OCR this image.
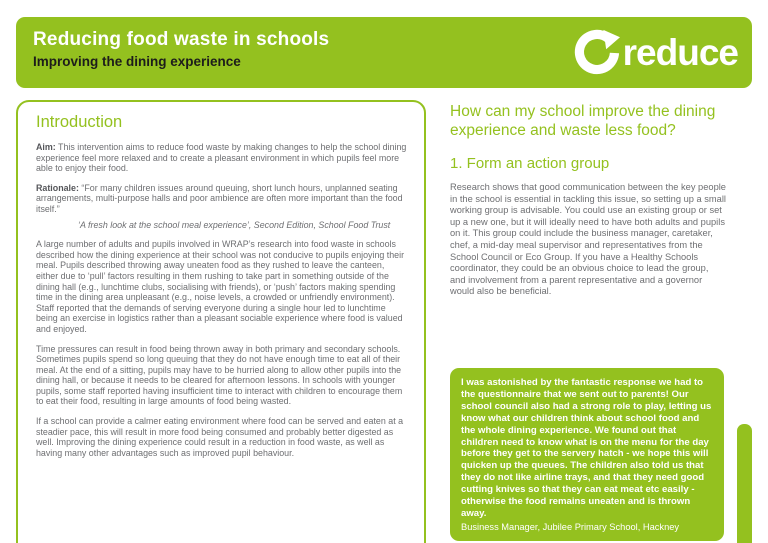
Reducing food waste in schools
Improving the dining experience	reduce
Introduction

Aim: This intervention aims to reduce food waste by making changes to help the school dining experience feel more relaxed and to create a pleasant environment in which pupils feel more able to enjoy their food.

Rationale: “For many children issues around queuing, short lunch hours, unplanned seating arrangements, multi-purpose halls and poor ambience are often more important than the food itself.”

‘A fresh look at the school meal experience’, Second Edition, School Food Trust

A large number of adults and pupils involved in WRAP’s research into food waste in schools described how the dining experience at their school was not conducive to pupils enjoying their meal. Pupils described throwing away uneaten food as they rushed to leave the canteen, either due to ‘pull’ factors resulting in them rushing to take part in something outside of the dining hall (e.g., lunchtime clubs, socialising with friends), or ‘push’ factors making spending time in the dining area unpleasant (e.g., noise levels, a crowded or unfriendly environment). Staff reported that the demands of serving everyone during a single hour led to lunchtime being an exercise in logistics rather than a pleasant sociable experience where food is valued and enjoyed.

Time pressures can result in food being thrown away in both primary and secondary schools. Sometimes pupils spend so long queuing that they do not have enough time to eat all of their meal. At the end of a sitting, pupils may have to be hurried along to allow other pupils into the dining hall, or because it needs to be cleared for afternoon lessons. In schools with younger pupils, some staff reported having insufficient time to interact with children to encourage them to eat their food, resulting in large amounts of food being wasted.

If a school can provide a calmer eating environment where food can be served and eaten at a steadier pace, this will result in more food being consumed and probably better digested as well. Improving the dining experience could result in a reduction in food waste, as well as having many other advantages such as improved pupil behaviour.

How can my school improve the dining experience and waste less food?
1. Form an action group

Research shows that good communication between the key people in the school is essential in tackling this issue, so setting up a small working group is advisable. You could use an existing group or set up a new one, but it will ideally need to have both adults and pupils on it. This group could include the business manager, caretaker, chef, a mid-day meal supervisor and representatives from the School Council or Eco Group. If you have a Healthy Schools coordinator, they could be an obvious choice to lead the group, and involvement from a parent representative and a governor would also be beneficial.

I was astonished by the fantastic response we had to the questionnaire that we sent out to parents! Our school council also had a strong role to play, letting us know what our children think about school food and the whole dining experience. We found out that children need to know what is on the menu for the day before they get to the servery hatch - we hope this will quicken up the queues. The children also told us that they do not like airline trays, and that they need good cutting knives so that they can eat meat etc easily - otherwise the food remains uneaten and is thrown away.

Business Manager, Jubilee Primary School, Hackney
